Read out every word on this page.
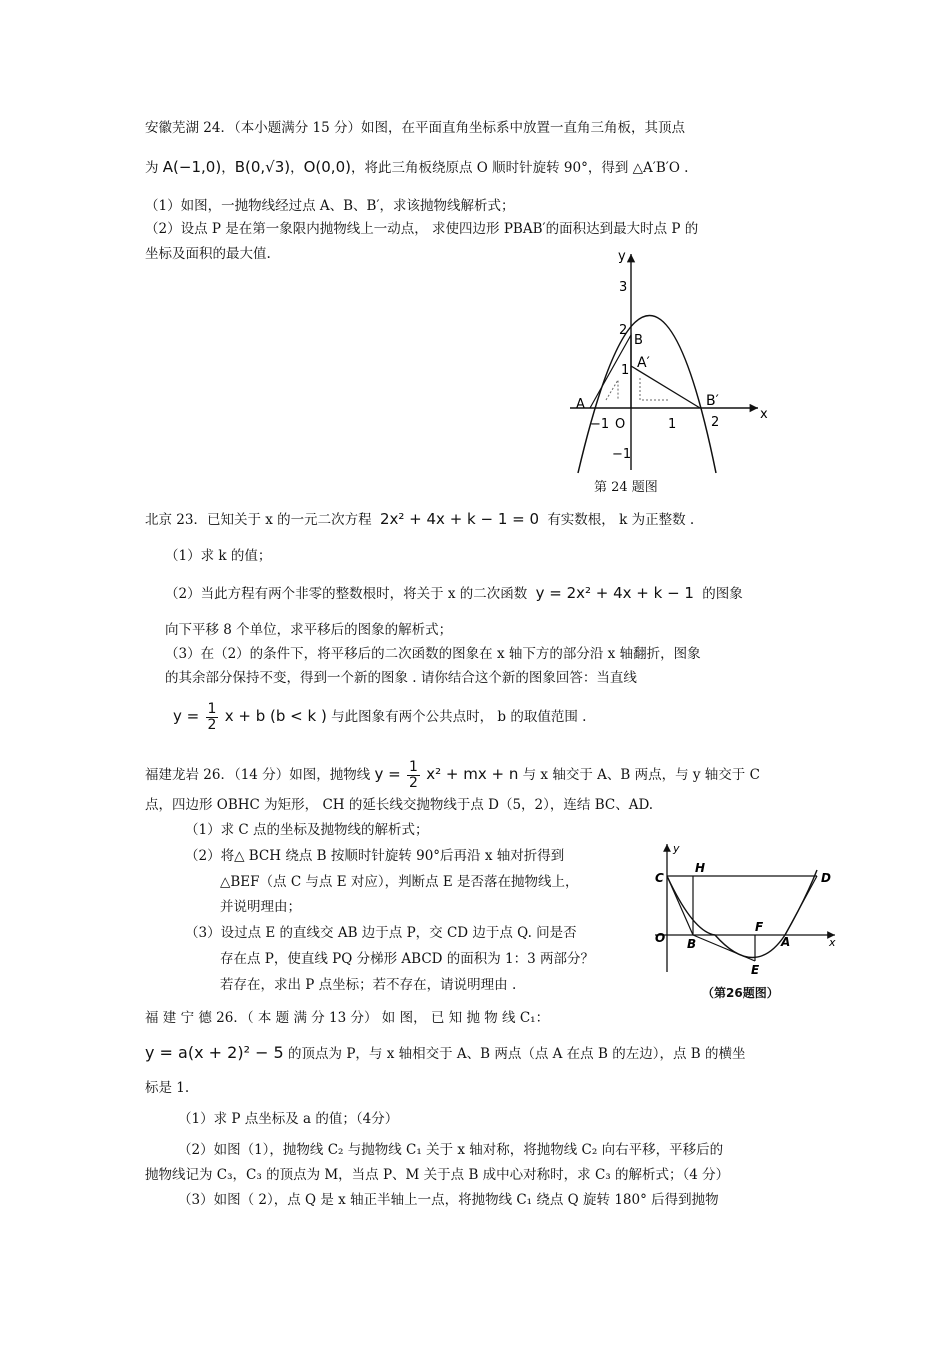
安徽芜湖 24．（本小题满分 15 分）如图，在平面直角坐标系中放置一直角三角板，其顶点
为 A(−1,0)，B(0,√3)，O(0,0)，将此三角板绕原点 O 顺时针旋转 90°，得到 △A′B′O .
（1）如图，一抛物线经过点 A、B、B′，求该抛物线解析式；
（2）设点 P 是在第一象限内抛物线上一动点， 求使四边形 PBAB′的面积达到最大时点 P 的
坐标及面积的最大值.	y
x
3
2
1
−1
−1 O	1	2
A
B
A′
B′
第 24 题图
北京 23．已知关于 x 的一元二次方程 2x² + 4x + k − 1 = 0 有实数根， k 为正整数 .
（1）求 k 的值；
（2）当此方程有两个非零的整数根时，将关于 x 的二次函数 y = 2x² + 4x + k − 1 的图象
向下平移 8 个单位，求平移后的图象的解析式；
（3）在（2）的条件下，将平移后的二次函数的图象在 x 轴下方的部分沿 x 轴翻折，图象
的其余部分保持不变，得到一个新的图象 . 请你结合这个新的图象回答：当直线
$y = \frac{1}{2}$ x + b (b < k ) 与此图象有两个公共点时， b 的取值范围 .
福建龙岩 26．（14 分）如图，抛物线 $y = \frac{1}{2} x^2$ + mx + n 与 x 轴交于 A、B 两点，与 y 轴交于 C
点，四边形 OBHC 为矩形， CH 的延长线交抛物线于点 D（5，2），连结 BC、AD.
（1）求 C 点的坐标及抛物线的解析式；
（2）将△ BCH 绕点 B 按顺时针旋转 90°后再沿 x 轴对折得到
△BEF（点 C 与点 E 对应），判断点 E 是否落在抛物线上，
并说明理由；
（3）设过点 E 的直线交 AB 边于点 P，交 CD 边于点 Q. 问是否
存在点 P，使直线 PQ 分梯形 ABCD 的面积为 1：3 两部分？
若存在，求出 P 点坐标；若不存在，请说明理由 .
y
x
C
H
D
O B
F
A
E
（第26题图）
福 建 宁 德 26．（ 本 题 满 分 13 分） 如 图， 已 知 抛 物 线 C₁：
y = a(x + 2)² − 5 的顶点为 P，与 x 轴相交于 A、B 两点（点 A 在点 B 的左边），点 B 的横坐
标是 1.
（1）求 P 点坐标及 a 的值；（4分）
（2）如图（1），抛物线 C₂ 与抛物线 C₁ 关于 x 轴对称，将抛物线 C₂ 向右平移，平移后的
抛物线记为 C₃，C₃ 的顶点为 M，当点 P、M 关于点 B 成中心对称时，求 C₃ 的解析式；（4 分）
（3）如图（ 2），点 Q 是 x 轴正半轴上一点，将抛物线 C₁ 绕点 Q 旋转 180° 后得到抛物
